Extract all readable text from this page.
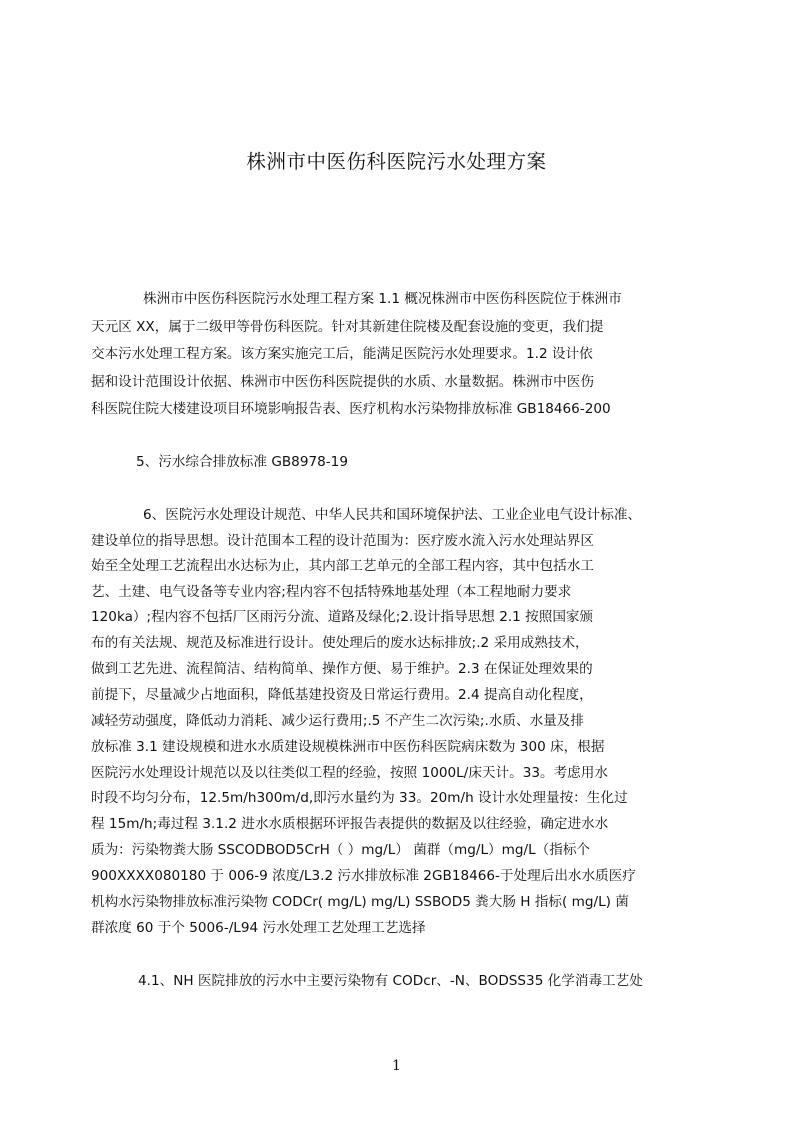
株洲市中医伤科医院污水处理方案
株洲市中医伤科医院污水处理工程方案 1.1 概况株洲市中医伤科医院位于株洲市
天元区 XX，属于二级甲等骨伤科医院。针对其新建住院楼及配套设施的变更，我们提
交本污水处理工程方案。该方案实施完工后，能满足医院污水处理要求。1.2 设计依
据和设计范围设计依据、株洲市中医伤科医院提供的水质、水量数据。株洲市中医伤
科医院住院大楼建设项目环境影响报告表、医疗机构水污染物排放标准 GB18466-200
5、污水综合排放标准 GB8978-19
6、医院污水处理设计规范、中华人民共和国环境保护法、工业企业电气设计标准、
建设单位的指导思想。设计范围本工程的设计范围为：医疗废水流入污水处理站界区
始至全处理工艺流程出水达标为止，其内部工艺单元的全部工程内容，其中包括水工
艺、土建、电气设备等专业内容;程内容不包括特殊地基处理（本工程地耐力要求
120ka）;程内容不包括厂区雨污分流、道路及绿化;2.设计指导思想 2.1 按照国家颁
布的有关法规、规范及标准进行设计。使处理后的废水达标排放;.2 采用成熟技术，
做到工艺先进、流程简洁、结构简单、操作方便、易于维护。2.3 在保证处理效果的
前提下，尽量减少占地面积，降低基建投资及日常运行费用。2.4 提高自动化程度，
减轻劳动强度，降低动力消耗、减少运行费用;.5 不产生二次污染;.水质、水量及排
放标准 3.1 建设规模和进水水质建设规模株洲市中医伤科医院病床数为 300 床，根据
医院污水处理设计规范以及以往类似工程的经验，按照 1000L/床天计。33。考虑用水
时段不均匀分布，12.5m/h300m/d,即污水量约为 33。20m/h 设计水处理量按：生化过
程 15m/h;毒过程 3.1.2 进水水质根据环评报告表提供的数据及以往经验，确定进水水
质为：污染物粪大肠 SSCODBOD5CrH（ ）mg/L） 菌群（mg/L）mg/L（指标个
900XXXX080180 于 006-9 浓度/L3.2 污水排放标准 2GB18466-于处理后出水水质医疗
机构水污染物排放标准污染物 CODCr( mg/L) mg/L) SSBOD5 粪大肠 H 指标( mg/L) 菌
群浓度 60 于个 5006-/L94 污水处理工艺处理工艺选择
4.1、NH 医院排放的污水中主要污染物有 CODcr、-N、BODSS35 化学消毒工艺处
1
